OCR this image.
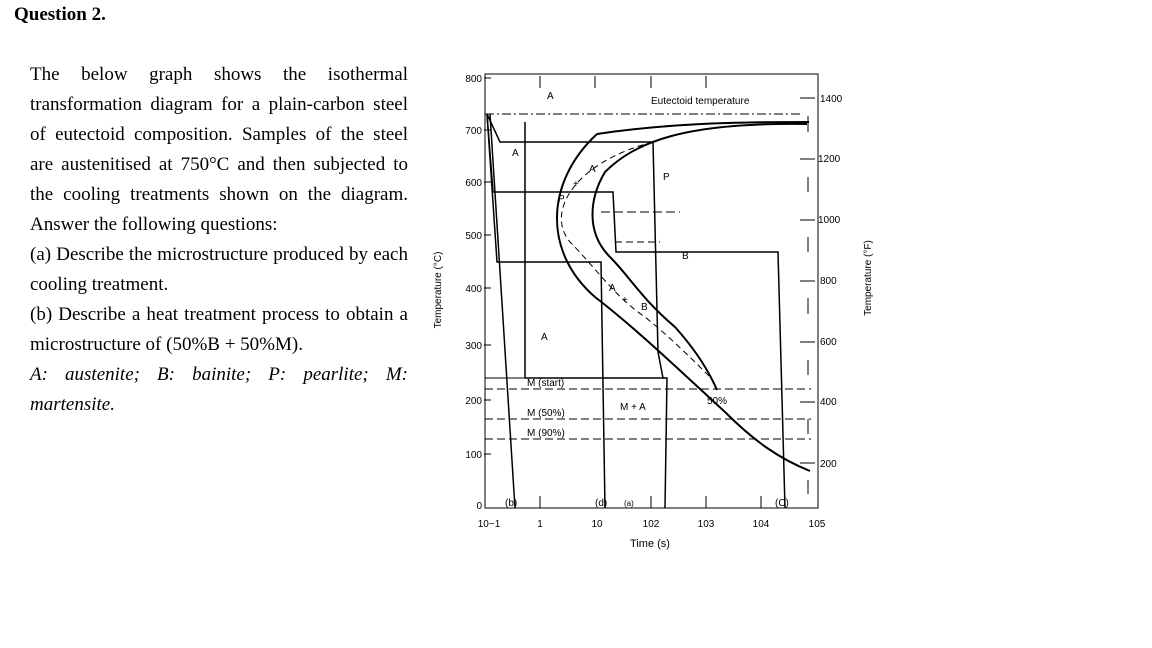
Question 2.

The below graph shows the isothermal transformation diagram for a plain-carbon steel of eutectoid composition. Samples of the steel are austenitised at 750°C and then subjected to the cooling treatments shown on the diagram. Answer the following questions:

(a) Describe the microstructure produced by each cooling treatment.

(b) Describe a heat treatment process to obtain a microstructure of (50%B + 50%M).

A: austenite; B: bainite; P: pearlite; M: martensite.

Temperature (°C)	Temperature (°F)
Time (s)
800
700
600
500
400
300
200
100
0
1400
1200
1000
800
600
400
200
10−1	1	10	102	103	104	105
Eutectoid temperature
A
A
A
P
B
P
A
+
B
A
+
M (start)
M (50%)
M (90%)
M + A
50%
(b)	(d) (a)	(C)
